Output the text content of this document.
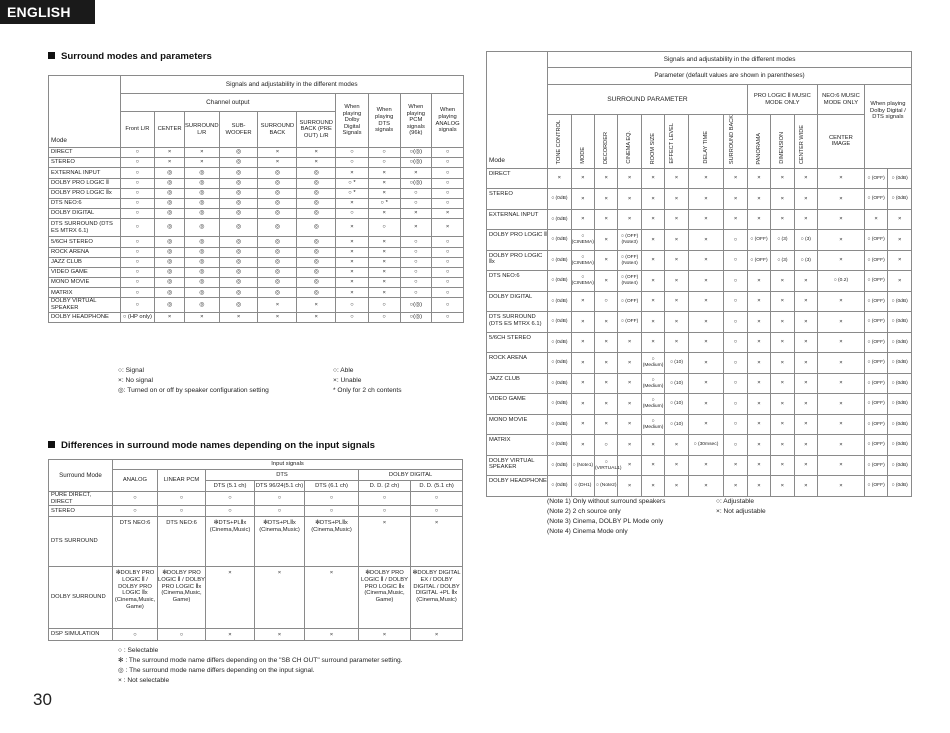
ENGLISH
Surround modes and parameters
Mode	Signals and adjustability in the different modes									
	Channel output						When playing Dolby Digital Signals	When playing DTS signals	When playing PCM signals (96k)	When playing ANALOG signals
	Front L/R	CENTER	SURROUND L/R	SUB-WOOFER	SURROUND BACK	SURROUND BACK (PRE OUT) L/R				
DIRECT	○	×	×	◎	×	×	○	○	○(◎)	○
STEREO	○	×	×	◎	×	×	○	○	○(◎)	○
EXTERNAL INPUT	○	◎	◎	◎	◎	◎	×	×	×	○
DOLBY PRO LOGIC Ⅱ	○	◎	◎	◎	◎	◎	○ *	×	○(◎)	○
DOLBY PRO LOGIC Ⅱx	○	◎	◎	◎	◎	◎	○ *	×	○	○
DTS NEO:6	○	◎	◎	◎	◎	◎	×	○ *	○	○
DOLBY DIGITAL	○	◎	◎	◎	◎	◎	○	×	×	×
DTS SURROUND (DTS ES MTRX 6.1)	○	◎	◎	◎	◎	◎	×	○	×	×
5/6CH STEREO	○	◎	◎	◎	◎	◎	×	×	○	○
ROCK ARENA	○	◎	◎	◎	◎	◎	×	×	○	○
JAZZ CLUB	○	◎	◎	◎	◎	◎	×	×	○	○
VIDEO GAME	○	◎	◎	◎	◎	◎	×	×	○	○
MONO MOVIE	○	◎	◎	◎	◎	◎	×	×	○	○
MATRIX	○	◎	◎	◎	◎	◎	×	×	○	○
DOLBY VIRTUAL SPEAKER	○	◎	◎	◎	×	×	○	○	○(◎)	○
DOLBY HEADPHONE	○ (HP only)	×	×	×	×	×	○	○	○(◎)	○
○: Signal
×: No signal
◎: Turned on or off by speaker configuration setting
○: Able
×: Unable
* Only for 2 ch contents
Differences in surround mode names depending on the input signals
Surround Mode	Input signals						
	ANALOG	LINEAR PCM	DTS			DOLBY DIGITAL	
			DTS (5.1 ch)	DTS 96/24(5.1 ch)	DTS (6.1 ch)	D. D. (2 ch)	D. D. (5.1 ch)
PURE DIRECT, DIRECT	○	○	○	○	○	○	○
STEREO	○	○	○	○	○	○	○
DTS SURROUND	DTS NEO:6	DTS NEO:6	✻DTS+PLⅡx (Cinema,Music)	✻DTS+PLⅡx (Cinema,Music)	✻DTS+PLⅡx (Cinema,Music)	×	×
DOLBY SURROUND	✻DOLBY PRO LOGIC Ⅱ / DOLBY PRO LOGIC Ⅱx (Cinema,Music, Game)	✻DOLBY PRO LOGIC Ⅱ / DOLBY PRO LOGIC Ⅱx (Cinema,Music, Game)	×	×	×	✻DOLBY PRO LOGIC Ⅱ / DOLBY PRO LOGIC Ⅱx (Cinema,Music, Game)	✻DOLBY DIGITAL EX / DOLBY DIGITAL / DOLBY DIGITAL +PL Ⅱx (Cinema,Music)
DSP SIMULATION	○	○	×	×	×	×	×
○ : Selectable
✻ : The surround mode name differs depending on the "SB CH OUT" surround parameter setting.
◎ : The surround mode name differs depending on the input signal.
× : Not selectable
30
Mode	Signals and adjustability in the different modes													
	Parameter (default values are shown in parentheses)													
	SURROUND PARAMETER								PRO LOGIC Ⅱ MUSIC MODE ONLY			NEO:6 MUSIC MODE ONLY	When playing Dolby Digital / DTS signals	
	TONE CONTROL	MODE	DECORDER	CINEMA EQ.	ROOM SIZE	EFFECT LEVEL	DELAY TIME	SURROUND BACK	PANORAMA	DIMENSION	CENTER WIDE	CENTER IMAGE		
DIRECT	×	×	×	×	×	×	×	×	×	×	×	×	○ (OFF)	○ (0dB)
STEREO	○ (0dB)	×	×	×	×	×	×	×	×	×	×	×	○ (OFF)	○ (0dB)
EXTERNAL INPUT	○ (0dB)	×	×	×	×	×	×	×	×	×	×	×	×	×
DOLBY PRO LOGIC Ⅱ	○ (0dB)	○ (CINEMA)	×	○ (OFF) (Note3)	×	×	×	○	○ (OFF)	○ (3)	○ (3)	×	○ (OFF)	×
DOLBY PRO LOGIC Ⅱx	○ (0dB)	○ (CINEMA)	×	○ (OFF) (Note4)	×	×	×	○	○ (OFF)	○ (3)	○ (3)	×	○ (OFF)	×
DTS NEO:6	○ (0dB)	○ (CINEMA)	×	○ (OFF) (Note4)	×	×	×	○	×	×	×	○ (0.2)	○ (OFF)	×
DOLBY DIGITAL	○ (0dB)	×	○	○ (OFF)	×	×	×	○	×	×	×	×	○ (OFF)	○ (0dB)
DTS SURROUND (DTS ES MTRX 6.1)	○ (0dB)	×	×	○ (OFF)	×	×	×	○	×	×	×	×	○ (OFF)	○ (0dB)
5/6CH STEREO	○ (0dB)	×	×	×	×	×	×	○	×	×	×	×	○ (OFF)	○ (0dB)
ROCK ARENA	○ (0dB)	×	×	×	○ (Medium)	○ (10)	×	○	×	×	×	×	○ (OFF)	○ (0dB)
JAZZ CLUB	○ (0dB)	×	×	×	○ (Medium)	○ (10)	×	○	×	×	×	×	○ (OFF)	○ (0dB)
VIDEO GAME	○ (0dB)	×	×	×	○ (Medium)	○ (10)	×	○	×	×	×	×	○ (OFF)	○ (0dB)
MONO MOVIE	○ (0dB)	×	×	×	○ (Medium)	○ (10)	×	○	×	×	×	×	○ (OFF)	○ (0dB)
MATRIX	○ (0dB)	×	○	×	×	×	○ (30msec)	○	×	×	×	×	○ (OFF)	○ (0dB)
DOLBY VIRTUAL SPEAKER	○ (0dB)	○ (Note1)	○ (VIRTUAL1)	×	×	×	×	×	×	×	×	×	○ (OFF)	○ (0dB)
DOLBY HEADPHONE	○ (0dB)	○ (DH1)	○ (Note2)	×	×	×	×	×	×	×	×	×	○ (OFF)	○ (0dB)
(Note 1) Only without surround speakers
(Note 2) 2 ch source only
(Note 3) Cinema, DOLBY PL Mode only
(Note 4) Cinema Mode only
○: Adjustable
×: Not adjustable
